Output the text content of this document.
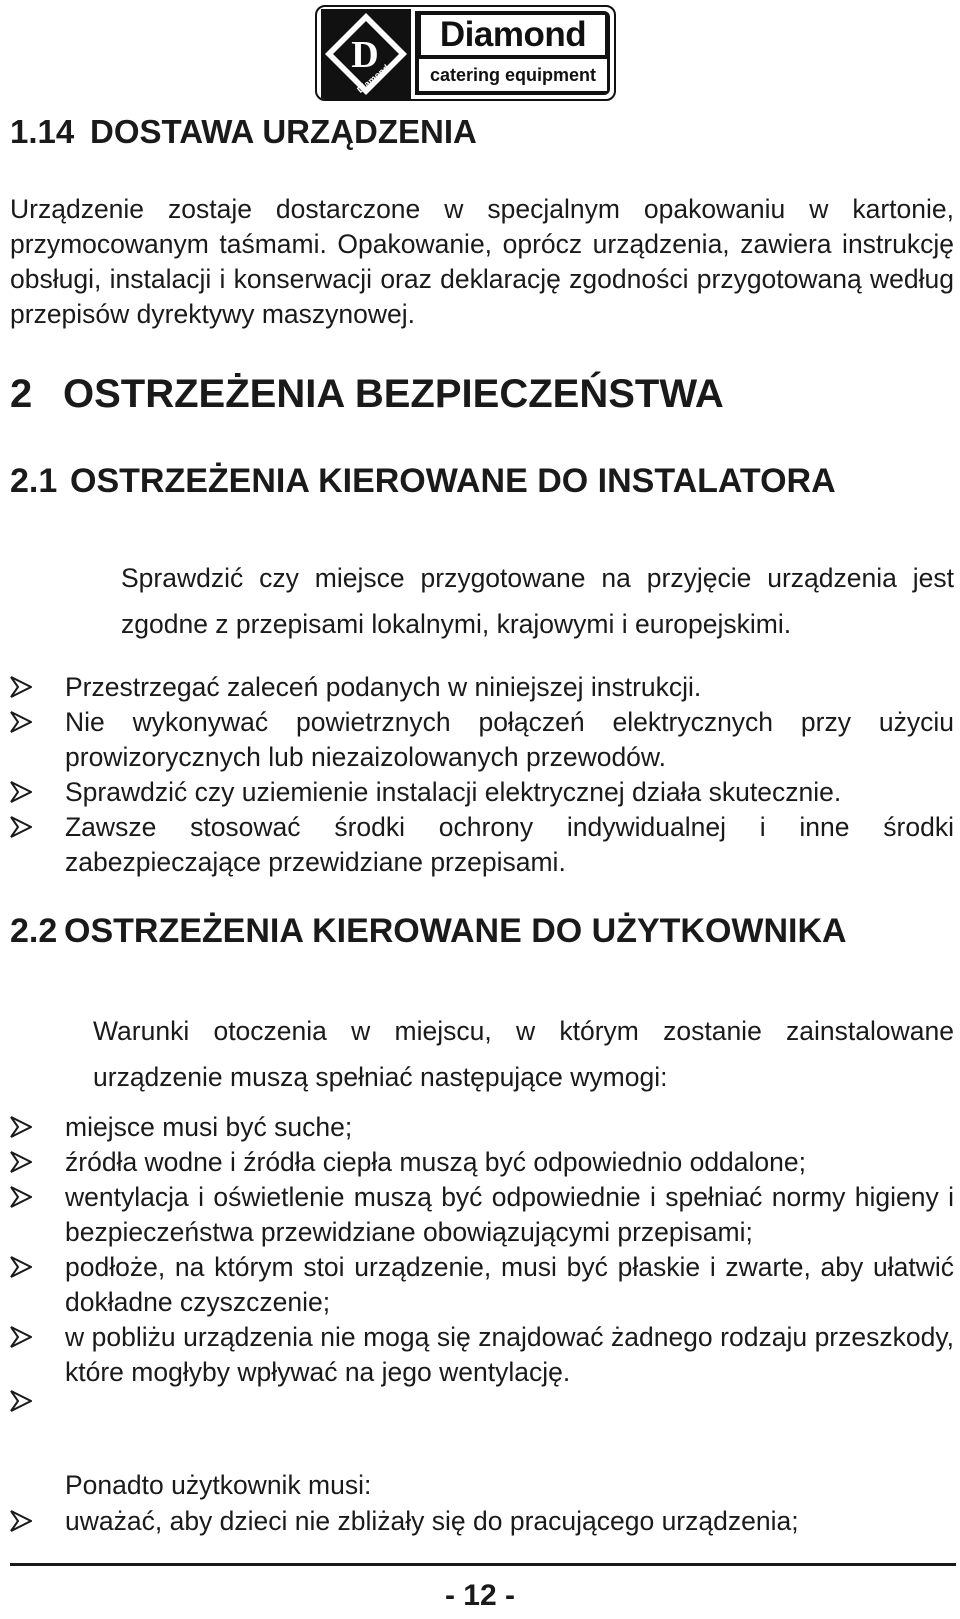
D
Diamond
Diamond
catering equipment
1.14 DOSTAWA URZĄDZENIA
Urządzenie zostaje dostarczone w specjalnym opakowaniu w kartonie, przymocowanym taśmami. Opakowanie, oprócz urządzenia, zawiera instrukcję obsługi, instalacji i konserwacji oraz deklarację zgodności przygotowaną według przepisów dyrektywy maszynowej.
2 OSTRZEŻENIA BEZPIECZEŃSTWA
2.1 OSTRZEŻENIA KIEROWANE DO INSTALATORA
Sprawdzić czy miejsce przygotowane na przyjęcie urządzenia jest zgodne z przepisami lokalnymi, krajowymi i europejskimi.
Przestrzegać zaleceń podanych w niniejszej instrukcji.
Nie wykonywać powietrznych połączeń elektrycznych przy użyciu prowizorycznych lub niezaizolowanych przewodów.
Sprawdzić czy uziemienie instalacji elektrycznej działa skutecznie.
Zawsze stosować środki ochrony indywidualnej i inne środki zabezpieczające przewidziane przepisami.
2.2 OSTRZEŻENIA KIEROWANE DO UŻYTKOWNIKA
Warunki otoczenia w miejscu, w którym zostanie zainstalowane urządzenie muszą spełniać następujące wymogi:
miejsce musi być suche;
źródła wodne i źródła ciepła muszą być odpowiednio oddalone;
wentylacja i oświetlenie muszą być odpowiednie i spełniać normy higieny i bezpieczeństwa przewidziane obowiązującymi przepisami;
podłoże, na którym stoi urządzenie, musi być płaskie i zwarte, aby ułatwić dokładne czyszczenie;
w pobliżu urządzenia nie mogą się znajdować żadnego rodzaju przeszkody, które mogłyby wpływać na jego wentylację.
Ponadto użytkownik musi:
uważać, aby dzieci nie zbliżały się do pracującego urządzenia;
- 12 -
